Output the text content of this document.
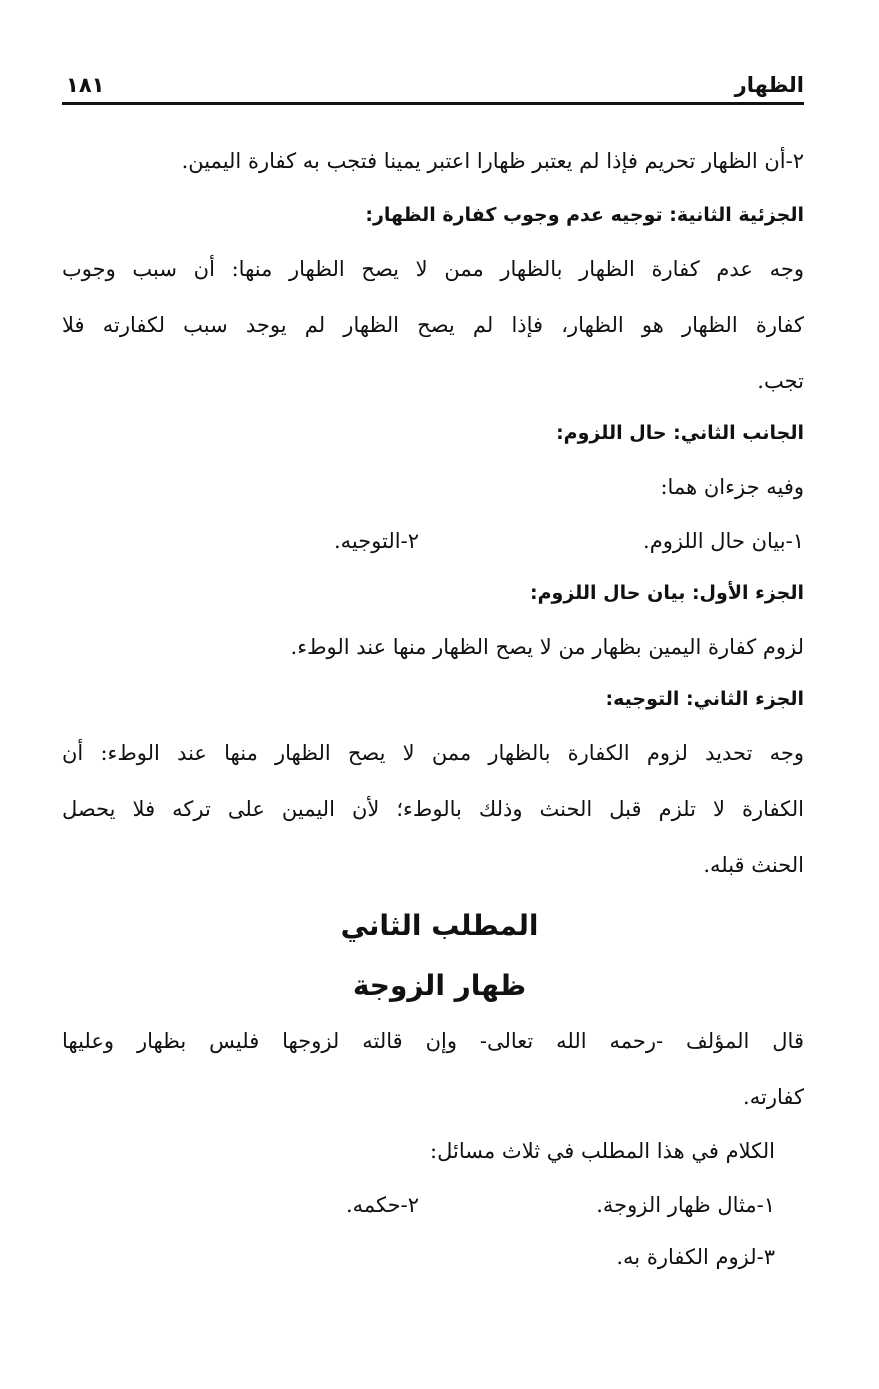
الظهار
١٨١
٢-أن الظهار تحريم فإذا لم يعتبر ظهارا اعتبر يمينا فتجب به كفارة اليمين.
الجزئية الثانية: توجيه عدم وجوب كفارة الظهار:
وجه عدم كفارة الظهار بالظهار ممن لا يصح الظهار منها: أن سبب وجوب
كفارة الظهار هو الظهار، فإذا لم يصح الظهار لم يوجد سبب لكفارته فلا
تجب.
الجانب الثاني: حال اللزوم:
وفيه جزءان هما:
١-بيان حال اللزوم.
٢-التوجيه.
الجزء الأول: بيان حال اللزوم:
لزوم كفارة اليمين بظهار من لا يصح الظهار منها عند الوطء.
الجزء الثاني: التوجيه:
وجه تحديد لزوم الكفارة بالظهار ممن لا يصح الظهار منها عند الوطء: أن
الكفارة لا تلزم قبل الحنث وذلك بالوطء؛ لأن اليمين على تركه فلا يحصل
الحنث قبله.
المطلب الثاني
ظهار الزوجة
قال المؤلف -رحمه الله تعالى- وإن قالته لزوجها فليس بظهار وعليها
كفارته.
الكلام في هذا المطلب في ثلاث مسائل:
١-مثال ظهار الزوجة.
٢-حكمه.
٣-لزوم الكفارة به.
